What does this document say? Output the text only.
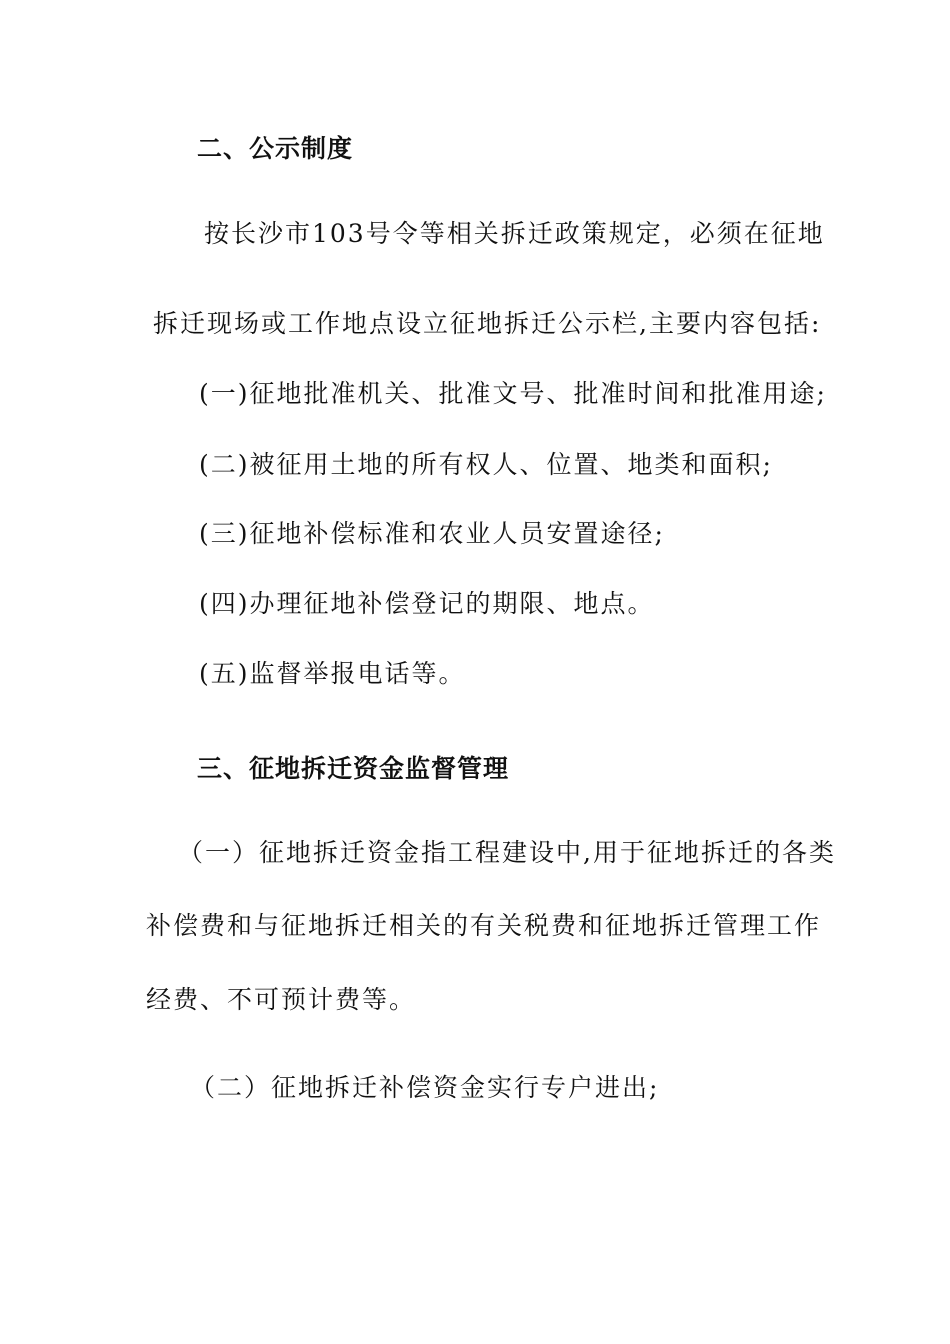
二、公示制度
按长沙市103号令等相关拆迁政策规定，必须在征地
拆迁现场或工作地点设立征地拆迁公示栏,主要内容包括:
(一)征地批准机关、批准文号、批准时间和批准用途;
(二)被征用土地的所有权人、位置、地类和面积;
(三)征地补偿标准和农业人员安置途径;
(四)办理征地补偿登记的期限、地点。
(五)监督举报电话等。
三、征地拆迁资金监督管理
（一）征地拆迁资金指工程建设中,用于征地拆迁的各类
补偿费和与征地拆迁相关的有关税费和征地拆迁管理工作
经费、不可预计费等。
（二）征地拆迁补偿资金实行专户进出;
